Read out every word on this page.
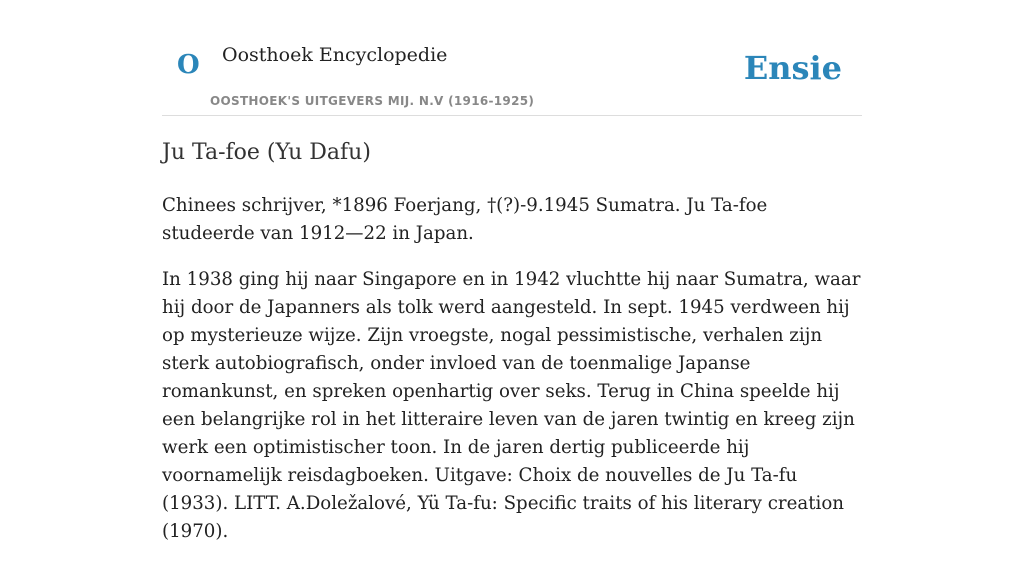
O Oosthoek Encyclopedie
OOSTHOEK'S UITGEVERS MIJ. N.V (1916-1925)
Ensie
Ju Ta-foe (Yu Dafu)

Chinees schrijver, *1896 Foerjang, †(?)-9.1945 Sumatra. Ju Ta-foe studeerde van 1912—22 in Japan.

In 1938 ging hij naar Singapore en in 1942 vluchtte hij naar Sumatra, waar hij door de Japanners als tolk werd aangesteld. In sept. 1945 verdween hij op mysterieuze wijze. Zijn vroegste, nogal pessimistische, verhalen zijn sterk autobiografisch, onder invloed van de toenmalige Japanse romankunst, en spreken openhartig over seks. Terug in China speelde hij een belangrijke rol in het litteraire leven van de jaren twintig en kreeg zijn werk een optimistischer toon. In de jaren dertig publiceerde hij voornamelijk reisdagboeken. Uitgave: Choix de nouvelles de Ju Ta-fu (1933). LITT. A.Doležalové, Yü Ta-fu: Specific traits of his literary creation (1970).
